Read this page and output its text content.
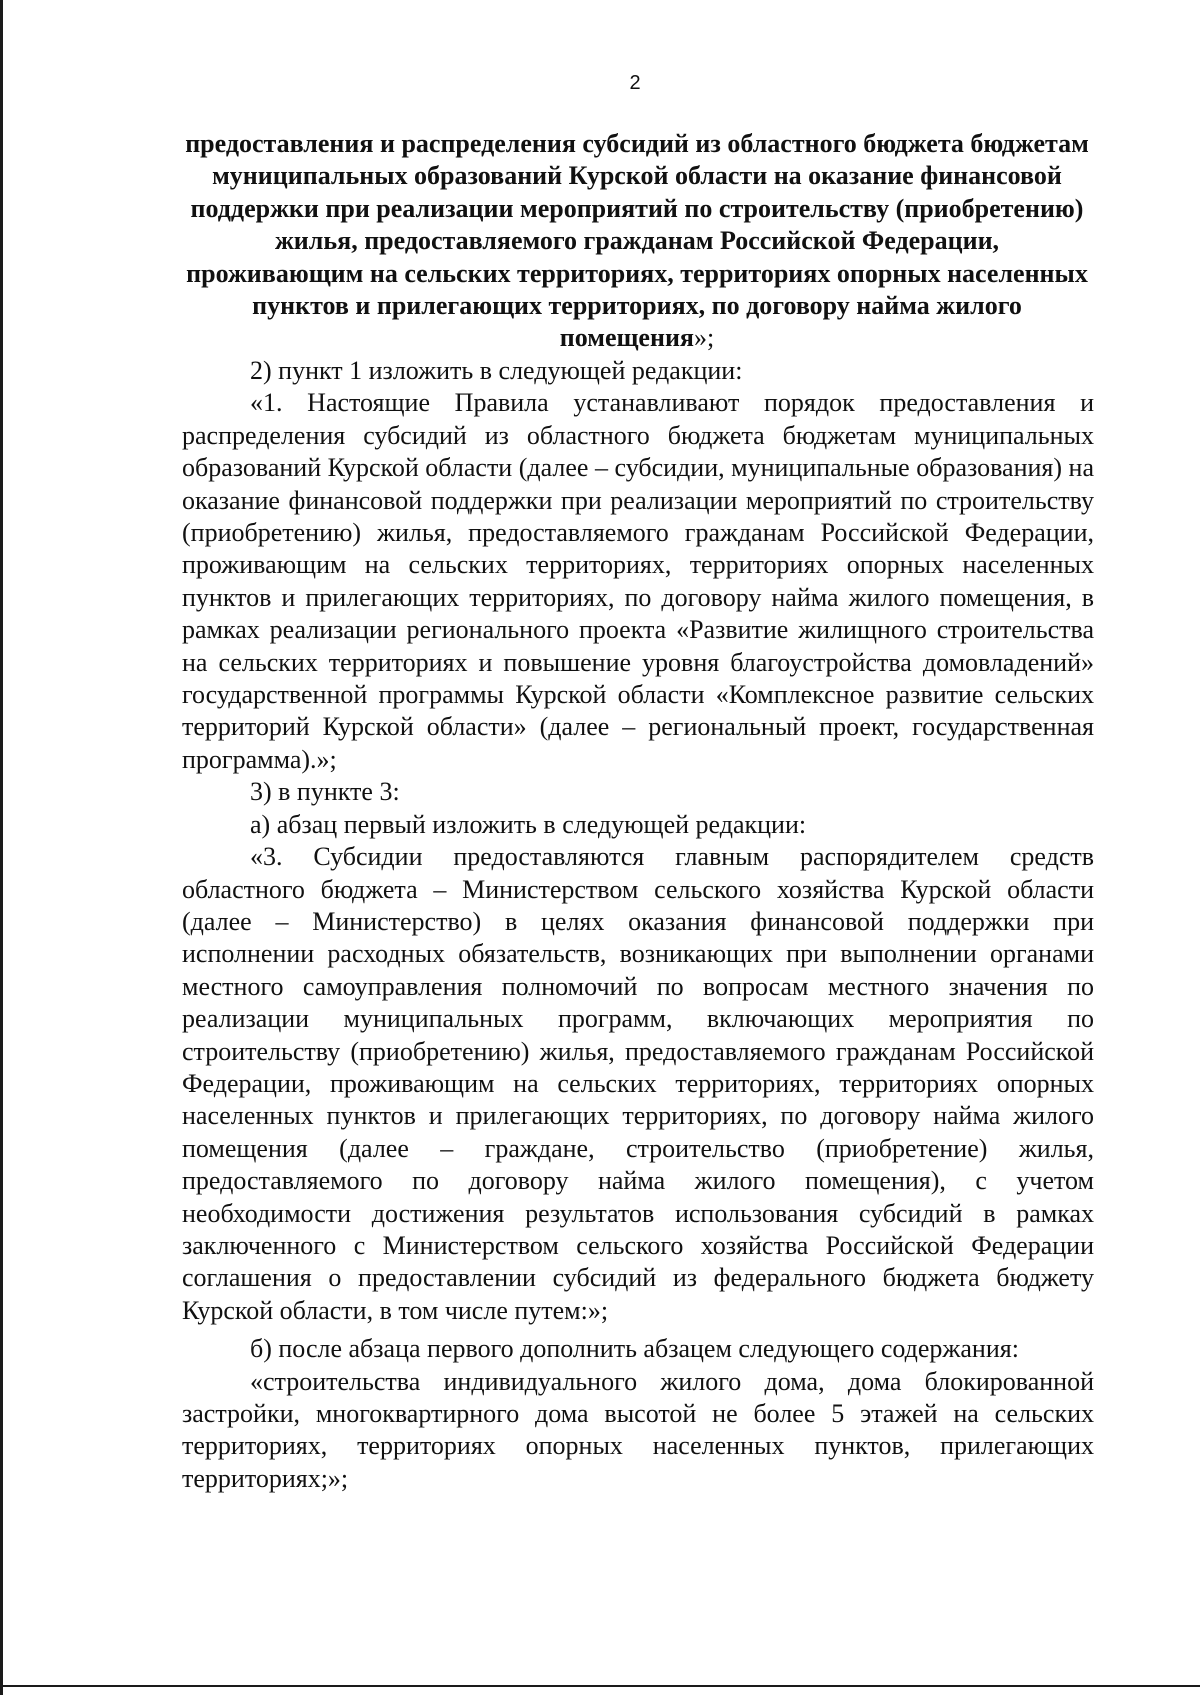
2
предоставления и распределения субсидий из областного бюджета бюджетам муниципальных образований Курской области на оказание финансовой поддержки при реализации мероприятий по строительству (приобретению) жилья, предоставляемого гражданам Российской Федерации, проживающим на сельских территориях, территориях опорных населенных пунктов и прилегающих территориях, по договору найма жилого помещения»;

2) пункт 1 изложить в следующей редакции:

«1. Настоящие Правила устанавливают порядок предоставления и распределения субсидий из областного бюджета бюджетам муниципальных образований Курской области (далее – субсидии, муниципальные образования) на оказание финансовой поддержки при реализации мероприятий по строительству (приобретению) жилья, предоставляемого гражданам Российской Федерации, проживающим на сельских территориях, территориях опорных населенных пунктов и прилегающих территориях, по договору найма жилого помещения, в рамках реализации регионального проекта «Развитие жилищного строительства на сельских территориях и повышение уровня благоустройства домовладений» государственной программы Курской области «Комплексное развитие сельских территорий Курской области» (далее – региональный проект, государственная программа).»;

3) в пункте 3:

а) абзац первый изложить в следующей редакции:

«3. Субсидии предоставляются главным распорядителем средств областного бюджета – Министерством сельского хозяйства Курской области (далее – Министерство) в целях оказания финансовой поддержки при исполнении расходных обязательств, возникающих при выполнении органами местного самоуправления полномочий по вопросам местного значения по реализации муниципальных программ, включающих мероприятия по строительству (приобретению) жилья, предоставляемого гражданам Российской Федерации, проживающим на сельских территориях, территориях опорных населенных пунктов и прилегающих территориях, по договору найма жилого помещения (далее – граждане, строительство (приобретение) жилья, предоставляемого по договору найма жилого помещения), с учетом необходимости достижения результатов использования субсидий в рамках заключенного с Министерством сельского хозяйства Российской Федерации соглашения о предоставлении субсидий из федерального бюджета бюджету Курской области, в том числе путем:»;

б) после абзаца первого дополнить абзацем следующего содержания:

«строительства индивидуального жилого дома, дома блокированной застройки, многоквартирного дома высотой не более 5 этажей на сельских территориях, территориях опорных населенных пунктов, прилегающих территориях;»;
